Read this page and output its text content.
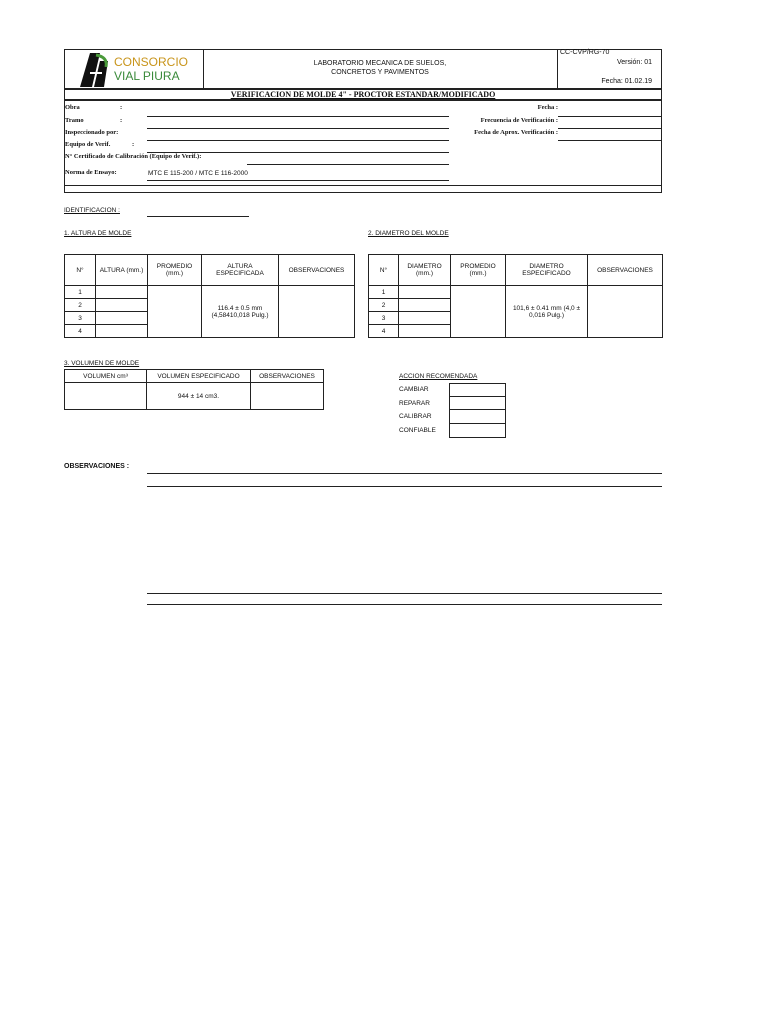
CONSORCIO
VIAL PIURA
LABORATORIO MECANICA DE SUELOS,
CONCRETOS Y PAVIMENTOS
CC-CVP/RG-70
Versión: 01
Fecha: 01.02.19
VERIFICACION DE MOLDE 4" - PROCTOR ESTANDAR/MODIFICADO
Obra	:
Tramo	:
Inspeccionado por:
Equipo de Verif.	:
N° Certificado de Calibración (Equipo de Verif.):
Norma de Ensayo:	MTC E 115-200 / MTC E 116-2000
Fecha :
Frecuencia de Verificación :
Fecha de Aprox. Verificación :
IDENTIFICACION :
1. ALTURA DE MOLDE
N°	ALTURA (mm.)	PROMEDIO (mm.)	ALTURA ESPECIFICADA	OBSERVACIONES
1			116.4 ± 0.5 mm (4,58410,018 Pulg.)	
2				
3				
4				
2. DIAMETRO DEL MOLDE
N°	DIAMETRO (mm.)	PROMEDIO (mm.)	DIAMETRO ESPECIFICADO	OBSERVACIONES
1			101,6 ± 0.41 mm (4,0 ± 0,016 Pulg.)	
2				
3				
4				
3. VOLUMEN DE MOLDE
VOLUMEN cm³	VOLUMEN ESPECIFICADO	OBSERVACIONES
	944 ± 14 cm3.	
ACCION RECOMENDADA
CAMBIAR
REPARAR
CALIBRAR
CONFIABLE
OBSERVACIONES :
